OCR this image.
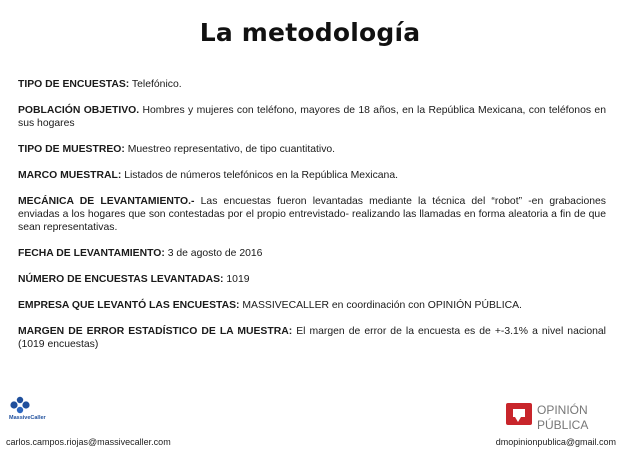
La metodología

TIPO DE ENCUESTAS: Telefónico.

POBLACIÓN OBJETIVO. Hombres y mujeres con teléfono, mayores de 18 años, en la República Mexicana, con teléfonos en sus hogares

TIPO DE MUESTREO: Muestreo representativo, de tipo cuantitativo.

MARCO MUESTRAL: Listados de números telefónicos en la República Mexicana.

MECÁNICA DE LEVANTAMIENTO.- Las encuestas fueron levantadas mediante la técnica del “robot” -en grabaciones enviadas a los hogares que son contestadas por el propio entrevistado- realizando las llamadas en forma aleatoria a fin de que sean representativas.

FECHA DE LEVANTAMIENTO: 3 de agosto de 2016

NÚMERO DE ENCUESTAS LEVANTADAS: 1019

EMPRESA QUE LEVANTÓ LAS ENCUESTAS: MASSIVECALLER en coordinación con OPINIÓN PÚBLICA.

MARGEN DE ERROR ESTADÍSTICO DE LA MUESTRA: El margen de error de la encuesta es de +-3.1% a nivel nacional (1019 encuestas)

MassiveCaller
carlos.campos.riojas@massivecaller.com
OPINIÓN
PÚBLICA
dmopinionpublica@gmail.com
